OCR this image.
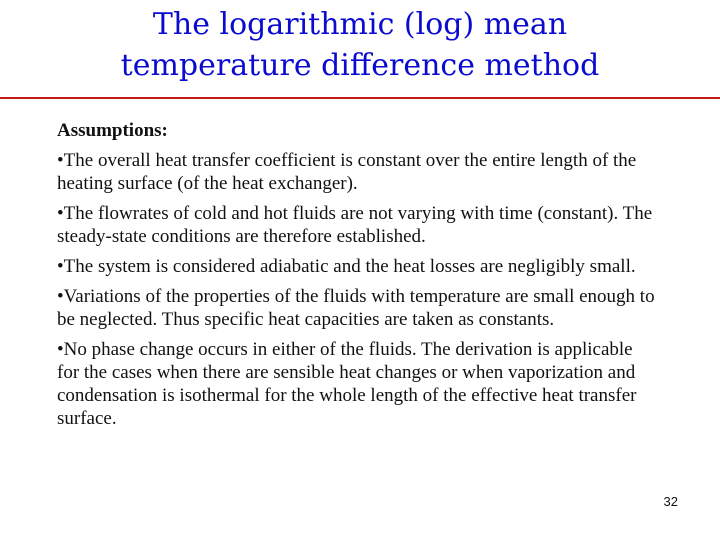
The logarithmic (log) mean
temperature difference method
Assumptions:
•The overall heat transfer coefficient is constant over the entire length of the heating surface (of the heat exchanger).
•The flowrates of cold and hot fluids are not varying with time (constant). The steady-state conditions are therefore established.
•The system is considered adiabatic and the heat losses are negligibly small.
•Variations of the properties of the fluids with temperature are small enough to be neglected. Thus specific heat capacities are taken as constants.
•No phase change occurs in either of the fluids. The derivation is applicable for the cases when there are sensible heat changes or when vaporization and condensation is isothermal for the whole length of the effective heat transfer surface.
32
